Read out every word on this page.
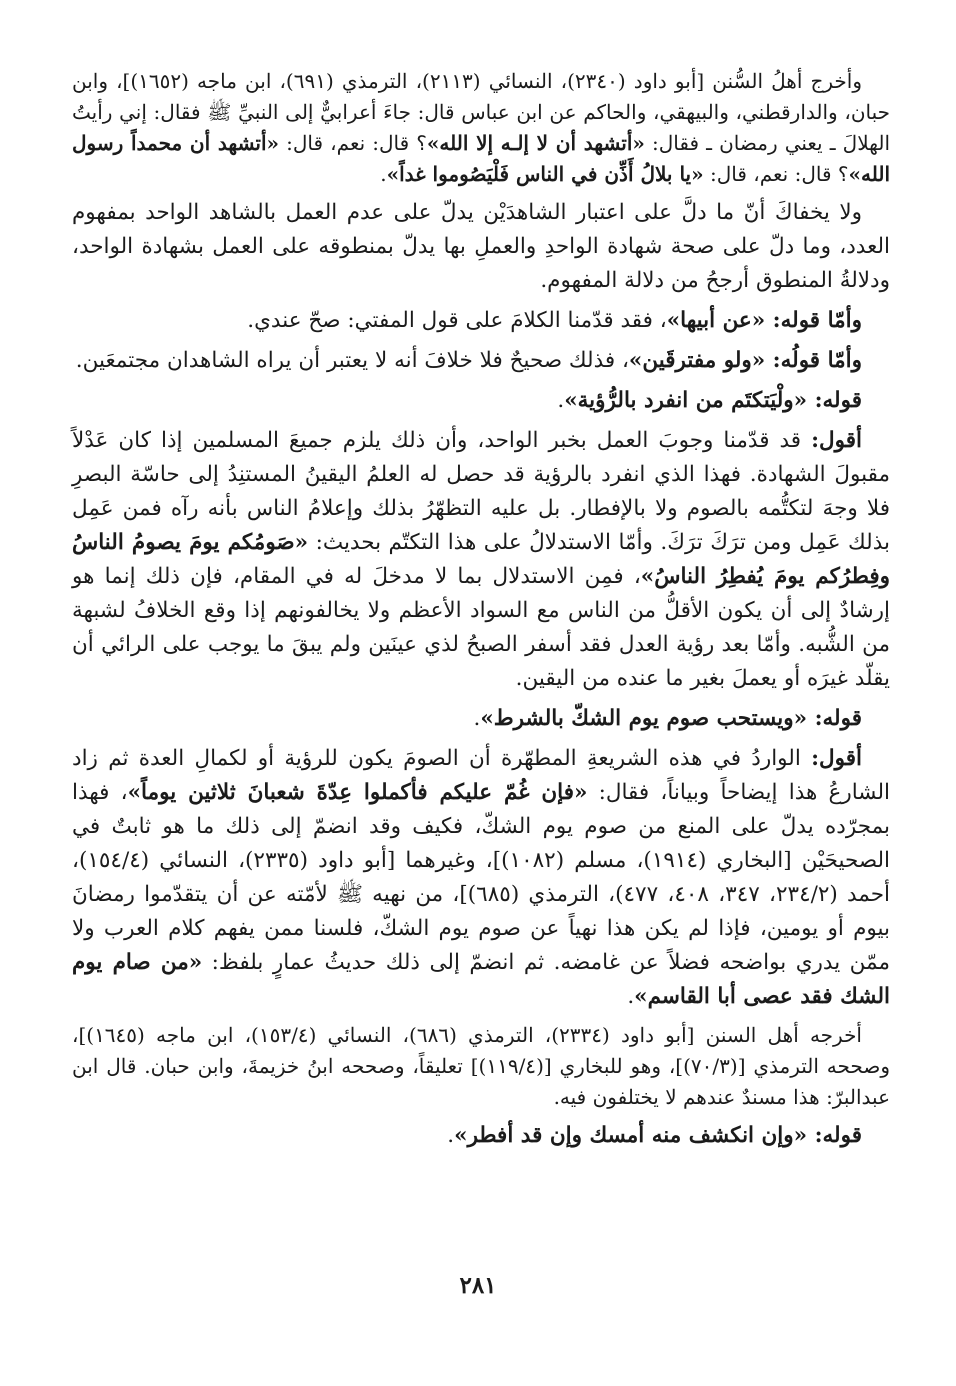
وأخرج أهلُ السُّنن [أبو داود (٢٣٤٠)، النسائي (٢١١٣)، الترمذي (٦٩١)، ابن ماجه (١٦٥٢)]، وابن حبان، والدارقطني، والبيهقي، والحاكم عن ابن عباس قال: جاءَ أعرابيٌّ إلى النبيِّ ﷺ فقال: إني رأيتُ الهلالَ ـ يعني رمضان ـ فقال: «أتشهد أن لا إلـه إلا الله»؟ قال: نعم، قال: «أتشهد أن محمداً رسول الله»؟ قال: نعم، قال: «يا بلالُ أَذِّن في الناس فَلْيَصُوموا غداً».

ولا يخفاكَ أنّ ما دلَّ على اعتبار الشاهدَيْن يدلّ على عدم العمل بالشاهد الواحد بمفهوم العدد، وما دلّ على صحة شهادة الواحدِ والعملِ بها يدلّ بمنطوقه على العمل بشهادة الواحد، ودلالةُ المنطوق أرجحُ من دلالة المفهوم.

وأمّا قوله: «عن أبيها»، فقد قدّمنا الكلامَ على قول المفتي: صحّ عندي.

وأمّا قولُه: «ولو مفترقَين»، فذلك صحيحٌ فلا خلافَ أنه لا يعتبر أن يراه الشاهدان مجتمعَين.

قوله: «ولْيَتكتَم من انفرد بالرُّؤية».

أقول: قد قدّمنا وجوبَ العمل بخبر الواحد، وأن ذلك يلزم جميعَ المسلمين إذا كان عَدْلاً مقبولَ الشهادة. فهذا الذي انفرد بالرؤية قد حصل له العلمُ اليقينُ المستنِدُ إلى حاسّة البصرِ فلا وجهَ لتكتُّمه بالصوم ولا بالإفطار. بل عليه التظهّرُ بذلك وإعلامُ الناس بأنه رآه فمن عَمِل بذلك عَمِل ومن ترَكَ ترَكَ. وأمّا الاستدلالُ على هذا التكتّم بحديث: «صَومُكم يومَ يصومُ الناسُ وفِطرُكم يومَ يُفطِرُ الناسُ»، فمِن الاستدلال بما لا مدخلَ له في المقام، فإن ذلك إنما هو إرشادٌ إلى أن يكون الأقلُّ من الناس مع السواد الأعظم ولا يخالفونهم إذا وقع الخلافُ لشبهة من الشُّبه. وأمّا بعد رؤية العدل فقد أسفر الصبحُ لذي عينَين ولم يبقَ ما يوجب على الرائي أن يقلّد غيرَه أو يعملَ بغير ما عنده من اليقين.

قوله: «ويستحب صوم يوم الشكّ بالشرط».

أقول: الواردُ في هذه الشريعةِ المطهّرة أن الصومَ يكون للرؤية أو لكمالِ العدة ثم زاد الشارعُ هذا إيضاحاً وبياناً، فقال: «فإن غُمّ عليكم فأكملوا عِدّةَ شعبانَ ثلاثين يوماً»، فهذا بمجرّده يدلّ على المنع من صوم يوم الشكّ، فكيف وقد انضمّ إلى ذلك ما هو ثابتٌ في الصحيحَيْن [البخاري (١٩١٤)، مسلم (١٠٨٢)]، وغيرهما [أبو داود (٢٣٣٥)، النسائي (١٥٤/٤)، أحمد (٢٣٤/٢، ٣٤٧، ٤٠٨، ٤٧٧)، الترمذي (٦٨٥)]، من نهيه ﷺ لأمّته عن أن يتقدّموا رمضانَ بيوم أو يومين، فإذا لم يكن هذا نهياً عن صوم يوم الشكّ، فلسنا ممن يفهم كلام العرب ولا ممّن يدري بواضحه فضلاً عن غامضه. ثم انضمّ إلى ذلك حديثُ عمارٍ بلفظ: «من صام يوم الشك فقد عصى أبا القاسم».

أخرجه أهل السنن [أبو داود (٢٣٣٤)، الترمذي (٦٨٦)، النسائي (١٥٣/٤)، ابن ماجه (١٦٤٥)]، وصححه الترمذي [(٧٠/٣)]، وهو للبخاري [(١١٩/٤)] تعليقاً، وصححه ابنُ خزيمةَ، وابن حبان. قال ابن عبدالبرّ: هذا مسندٌ عندهم لا يختلفون فيه.

قوله: «وإن انكشف منه أمسك وإن قد أفطر».

٢٨١
